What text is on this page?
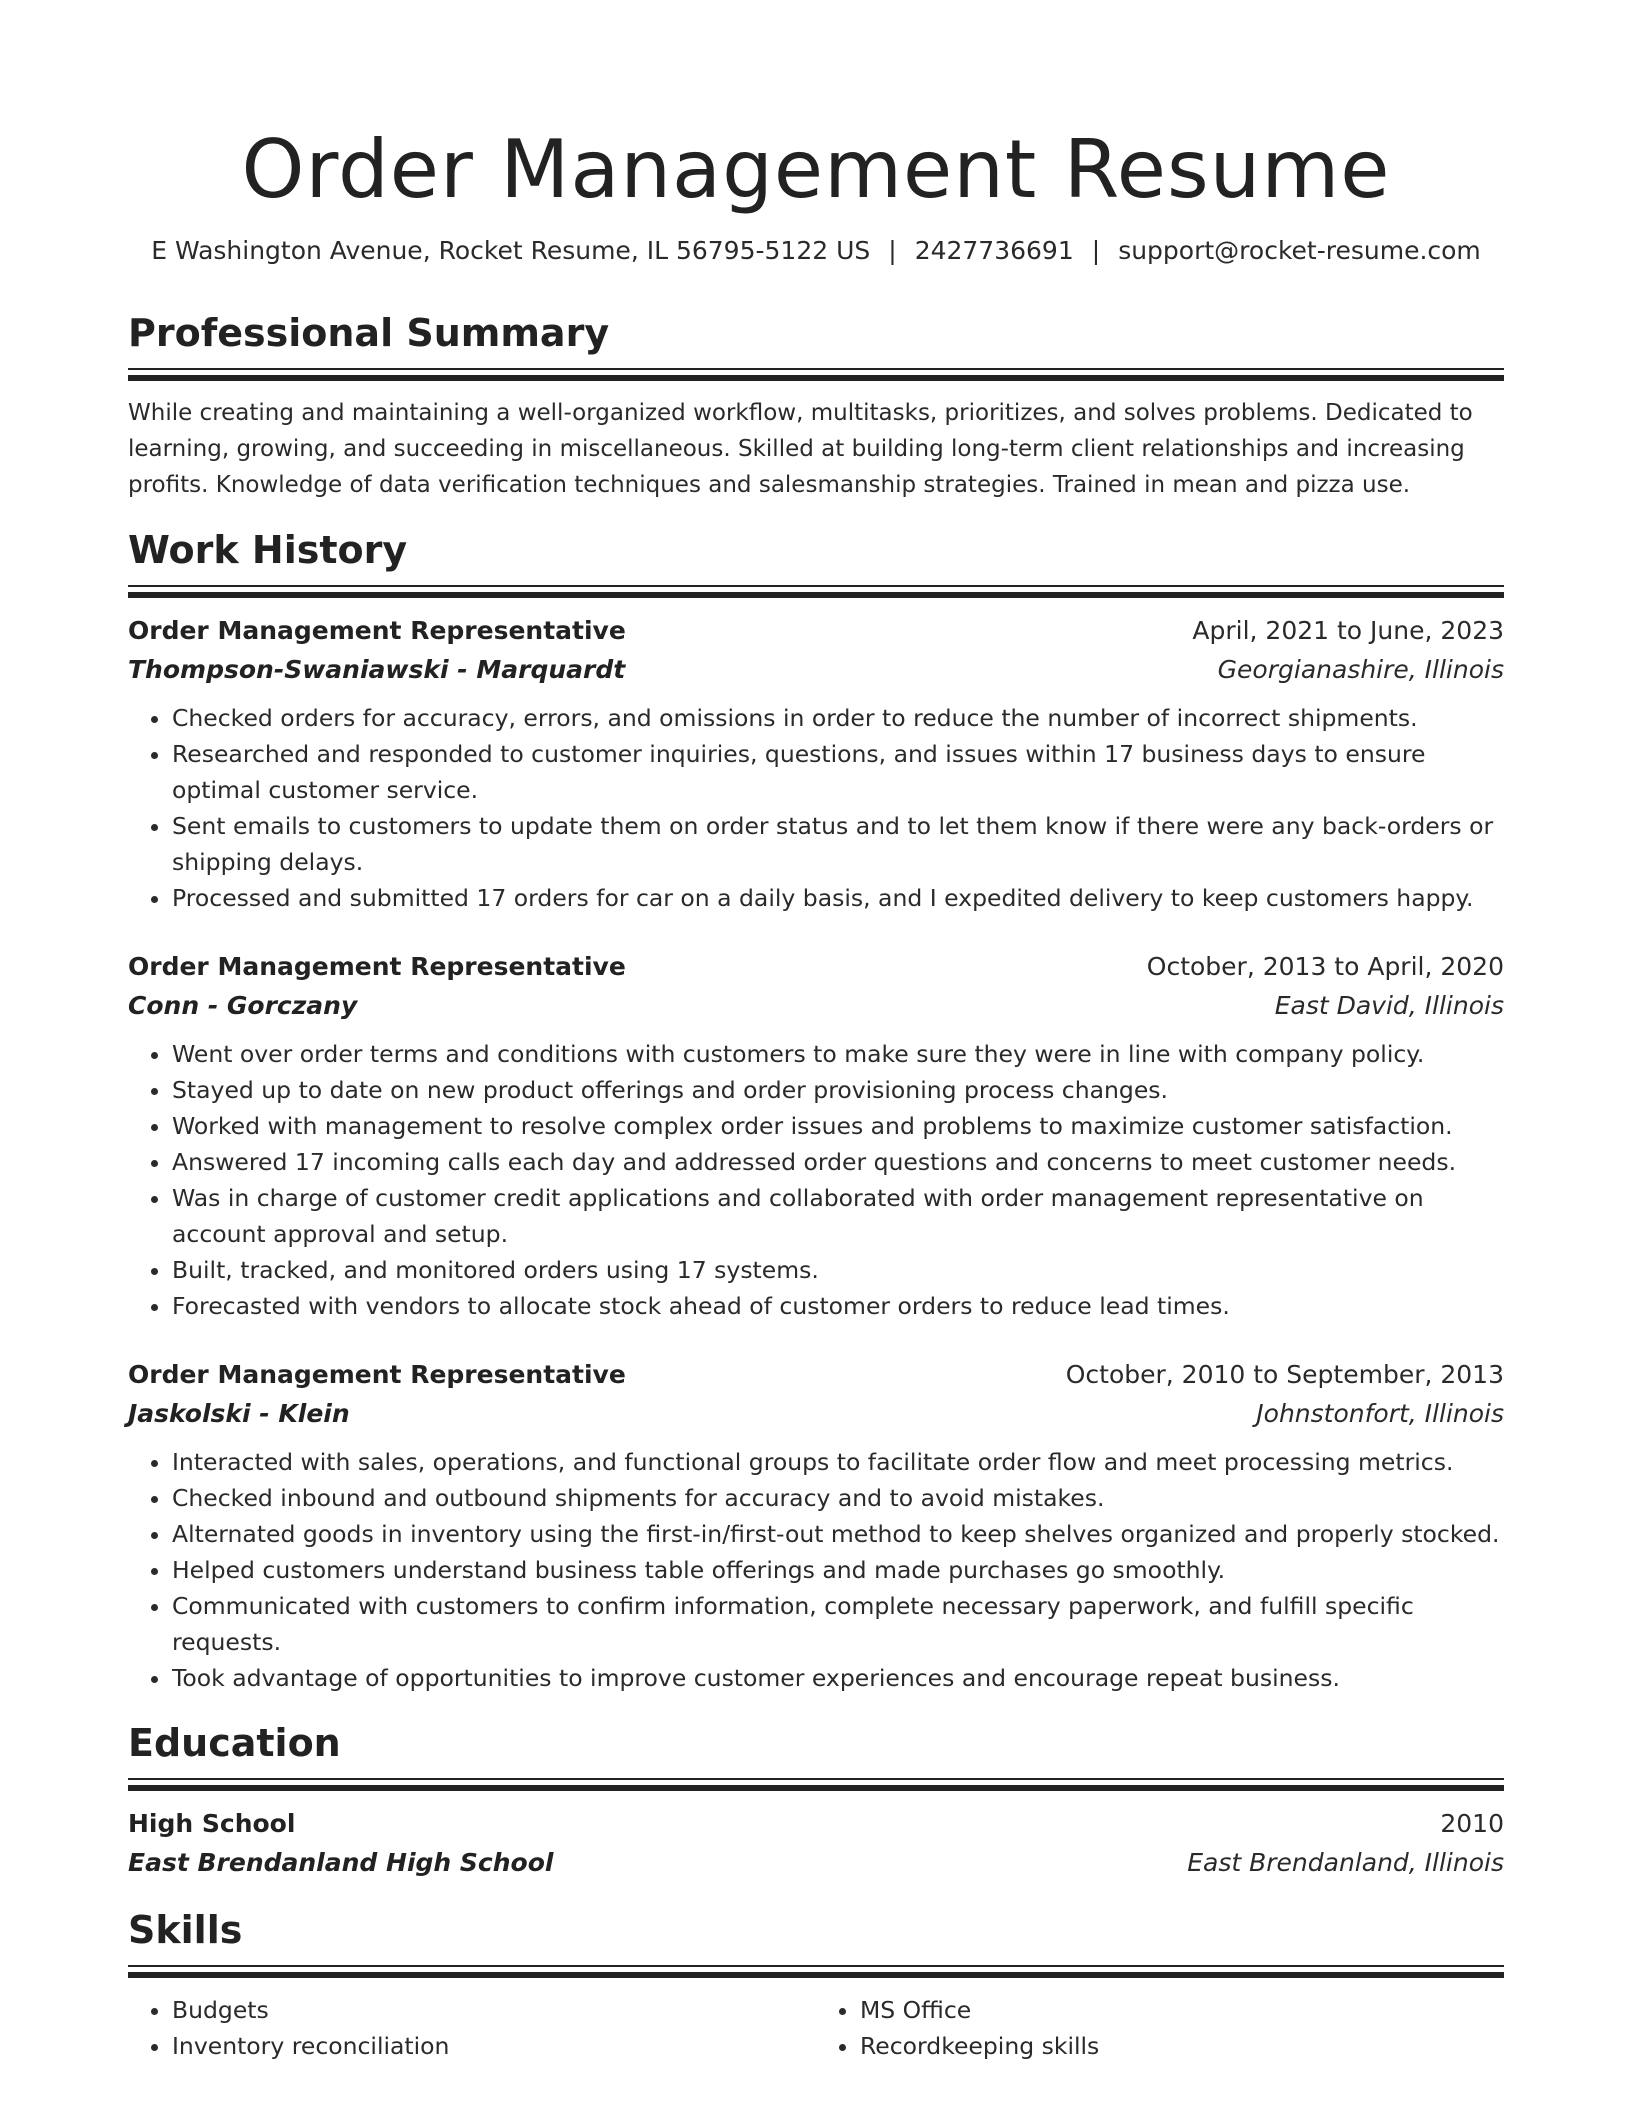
Order Management Resume
E Washington Avenue, Rocket Resume, IL 56795-5122 US | 2427736691 | support@rocket-resume.com
Professional Summary
While creating and maintaining a well-organized workflow, multitasks, prioritizes, and solves problems. Dedicated to learning, growing, and succeeding in miscellaneous. Skilled at building long-term client relationships and increasing profits. Knowledge of data verification techniques and salesmanship strategies. Trained in mean and pizza use.
Work History
Order Management Representative	April, 2021 to June, 2023
Thompson-Swaniawski - Marquardt	Georgianashire, Illinois
• Checked orders for accuracy, errors, and omissions in order to reduce the number of incorrect shipments.
• Researched and responded to customer inquiries, questions, and issues within 17 business days to ensure optimal customer service.
• Sent emails to customers to update them on order status and to let them know if there were any back-orders or shipping delays.
• Processed and submitted 17 orders for car on a daily basis, and I expedited delivery to keep customers happy.
Order Management Representative	October, 2013 to April, 2020
Conn - Gorczany	East David, Illinois
• Went over order terms and conditions with customers to make sure they were in line with company policy.
• Stayed up to date on new product offerings and order provisioning process changes.
• Worked with management to resolve complex order issues and problems to maximize customer satisfaction.
• Answered 17 incoming calls each day and addressed order questions and concerns to meet customer needs.
• Was in charge of customer credit applications and collaborated with order management representative on account approval and setup.
• Built, tracked, and monitored orders using 17 systems.
• Forecasted with vendors to allocate stock ahead of customer orders to reduce lead times.
Order Management Representative	October, 2010 to September, 2013
Jaskolski - Klein	Johnstonfort, Illinois
• Interacted with sales, operations, and functional groups to facilitate order flow and meet processing metrics.
• Checked inbound and outbound shipments for accuracy and to avoid mistakes.
• Alternated goods in inventory using the first-in/first-out method to keep shelves organized and properly stocked.
• Helped customers understand business table offerings and made purchases go smoothly.
• Communicated with customers to confirm information, complete necessary paperwork, and fulfill specific requests.
• Took advantage of opportunities to improve customer experiences and encourage repeat business.
Education
High School	2010
East Brendanland High School	East Brendanland, Illinois
Skills
• Budgets
• Inventory reconciliation
• MS Office
• Recordkeeping skills
